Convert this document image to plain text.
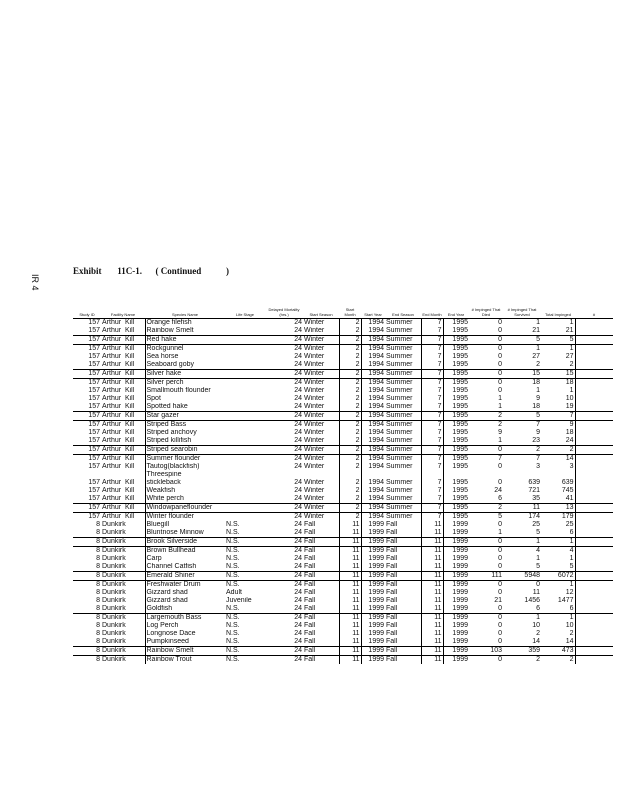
IR 4
Exhibit 11C-1. ( Continued	)
Study ID	Facility Name	Species Name	Life Stage	Delayed Mortality (hrs.)	Start Season	Start Month	Start Year	End Season	End Month	End Year	# Impinged That Died	# Impinged That Survived	Total Impinged	#
157	Arthur Kill	Orange filefish		24	Winter	2	1994	Summer	7	1995	0	1	1	
157	Arthur Kill	Rainbow Smelt		24	Winter	2	1994	Summer	7	1995	0	21	21	
157	Arthur Kill	Red hake		24	Winter	2	1994	Summer	7	1995	0	5	5	
157	Arthur Kill	Rockgunnel		24	Winter	2	1994	Summer	7	1995	0	1	1	
157	Arthur Kill	Sea horse		24	Winter	2	1994	Summer	7	1995	0	27	27	
157	Arthur Kill	Seaboard goby		24	Winter	2	1994	Summer	7	1995	0	2	2	
157	Arthur Kill	Silver hake		24	Winter	2	1994	Summer	7	1995	0	15	15	
157	Arthur Kill	Silver perch		24	Winter	2	1994	Summer	7	1995	0	18	18	
157	Arthur Kill	Smallmouth flounder		24	Winter	2	1994	Summer	7	1995	0	1	1	
157	Arthur Kill	Spot		24	Winter	2	1994	Summer	7	1995	1	9	10	
157	Arthur Kill	Spotted hake		24	Winter	2	1994	Summer	7	1995	1	18	19	
157	Arthur Kill	Star gazer		24	Winter	2	1994	Summer	7	1995	2	5	7	
157	Arthur Kill	Striped Bass		24	Winter	2	1994	Summer	7	1995	2	7	9	
157	Arthur Kill	Striped anchovy		24	Winter	2	1994	Summer	7	1995	9	9	18	
157	Arthur Kill	Striped killifish		24	Winter	2	1994	Summer	7	1995	1	23	24	
157	Arthur Kill	Striped searobin		24	Winter	2	1994	Summer	7	1995	0	2	2	
157	Arthur Kill	Summer flounder		24	Winter	2	1994	Summer	7	1995	7	7	14	
157	Arthur Kill	Tautog(blackfish)		24	Winter	2	1994	Summer	7	1995	0	3	3	
		Threespine												
157	Arthur Kill	stickleback		24	Winter	2	1994	Summer	7	1995	0	639	639	
157	Arthur Kill	Weakfish		24	Winter	2	1994	Summer	7	1995	24	721	745	
157	Arthur Kill	White perch		24	Winter	2	1994	Summer	7	1995	6	35	41	
157	Arthur Kill	Windowpaneflounder		24	Winter	2	1994	Summer	7	1995	2	11	13	
157	Arthur Kill	Winter flounder		24	Winter	2	1994	Summer	7	1995	5	174	179	
8	Dunkirk	Bluegill	N.S.	24	Fall	11	1999	Fall	11	1999	0	25	25	
8	Dunkirk	Bluntnose Minnow	N.S.	24	Fall	11	1999	Fall	11	1999	1	5	6	
8	Dunkirk	Brook Silverside	N.S.	24	Fall	11	1999	Fall	11	1999	0	1	1	
8	Dunkirk	Brown Bullhead	N.S.	24	Fall	11	1999	Fall	11	1999	0	4	4	
8	Dunkirk	Carp	N.S.	24	Fall	11	1999	Fall	11	1999	0	1	1	
8	Dunkirk	Channel Catfish	N.S.	24	Fall	11	1999	Fall	11	1999	0	5	5	
8	Dunkirk	Emerald Shiner	N.S.	24	Fall	11	1999	Fall	11	1999	111	5948	6072	
8	Dunkirk	Freshwater Drum	N.S.	24	Fall	11	1999	Fall	11	1999	0	0	1	
8	Dunkirk	Gizzard shad	Adult	24	Fall	11	1999	Fall	11	1999	0	11	12	
8	Dunkirk	Gizzard shad	Juvenile	24	Fall	11	1999	Fall	11	1999	21	1456	1477	
8	Dunkirk	Goldfish	N.S.	24	Fall	11	1999	Fall	11	1999	0	6	6	
8	Dunkirk	Largemouth Bass	N.S.	24	Fall	11	1999	Fall	11	1999	0	1	1	
8	Dunkirk	Log Perch	N.S.	24	Fall	11	1999	Fall	11	1999	0	10	10	
8	Dunkirk	Longnose Dace	N.S.	24	Fall	11	1999	Fall	11	1999	0	2	2	
8	Dunkirk	Pumpkinseed	N.S.	24	Fall	11	1999	Fall	11	1999	0	14	14	
8	Dunkirk	Rainbow Smelt	N.S.	24	Fall	11	1999	Fall	11	1999	103	359	473	
8	Dunkirk	Rainbow Trout	N.S.	24	Fall	11	1999	Fall	11	1999	0	2	2	
